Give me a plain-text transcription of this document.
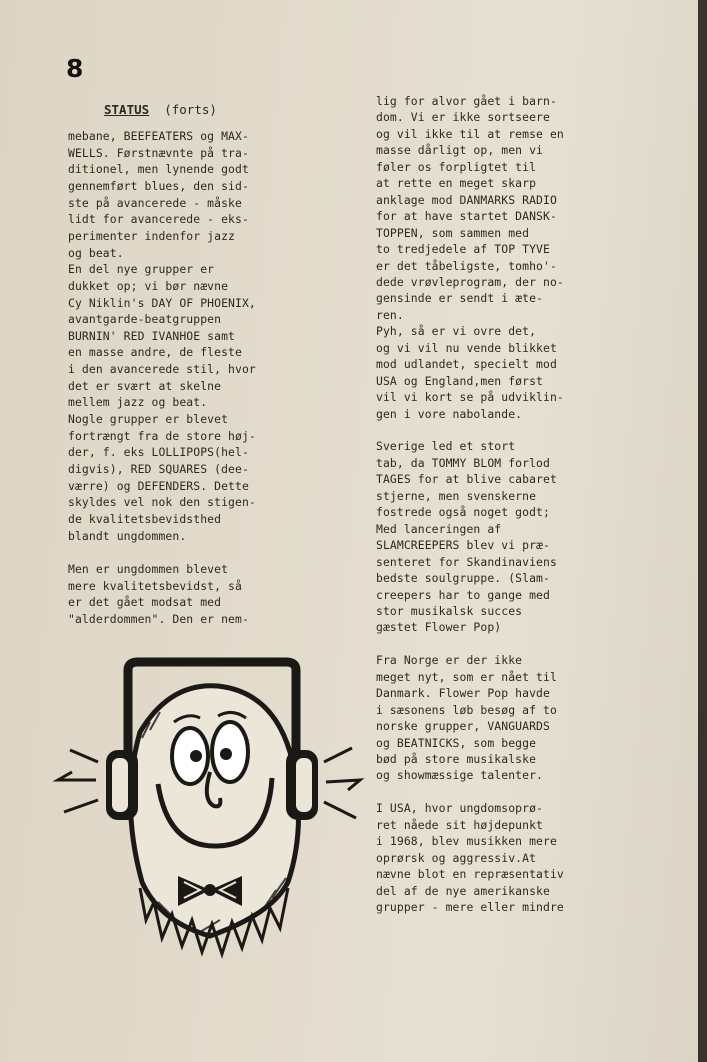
8
STATUS (forts)
mebane, BEEFEATERS og MAX-
WELLS. Førstnævnte på tra-
ditionel, men lynende godt
gennemført blues, den sid-
ste på avancerede - måske
lidt for avancerede - eks-
perimenter indenfor jazz
og beat.
En del nye grupper er
dukket op; vi bør nævne
Cy Niklin's DAY OF PHOENIX,
avantgarde-beatgruppen
BURNIN' RED IVANHOE samt
en masse andre, de fleste
i den avancerede stil, hvor
det er svært at skelne
mellem jazz og beat.
Nogle grupper er blevet
fortrængt fra de store høj-
der, f. eks LOLLIPOPS(hel-
digvis), RED SQUARES (dee-
værre) og DEFENDERS. Dette
skyldes vel nok den stigen-
de kvalitetsbevidsthed
blandt ungdommen.
Men er ungdommen blevet
mere kvalitetsbevidst, så
er det gået modsat med
"alderdommen". Den er nem-
lig for alvor gået i barn-
dom. Vi er ikke sortseere
og vil ikke til at remse en
masse dårligt op, men vi
føler os forpligtet til
at rette en meget skarp
anklage mod DANMARKS RADIO
for at have startet DANSK-
TOPPEN, som sammen med
to tredjedele af TOP TYVE
er det tåbeligste, tomho'-
dede vrøvleprogram, der no-
gensinde er sendt i æte-
ren.
Pyh, så er vi ovre det,
og vi vil nu vende blikket
mod udlandet, specielt mod
USA og England,men først
vil vi kort se på udviklin-
gen i vore nabolande.
Sverige led et stort
tab, da TOMMY BLOM forlod
TAGES for at blive cabaret
stjerne, men svenskerne
fostrede også noget godt;
Med lanceringen af
SLAMCREEPERS blev vi præ-
senteret for Skandinaviens
bedste soulgruppe. (Slam-
creepers har to gange med
stor musikalsk succes
gæstet Flower Pop)
Fra Norge er der ikke
meget nyt, som er nået til
Danmark. Flower Pop havde
i sæsonens løb besøg af to
norske grupper, VANGUARDS
og BEATNICKS, som begge
bød på store musikalske
og showmæssige talenter.
I USA, hvor ungdomsoprø-
ret nåede sit højdepunkt
i 1968, blev musikken mere
oprørsk og aggressiv.At
nævne blot en repræsentativ
del af de nye amerikanske
grupper - mere eller mindre
